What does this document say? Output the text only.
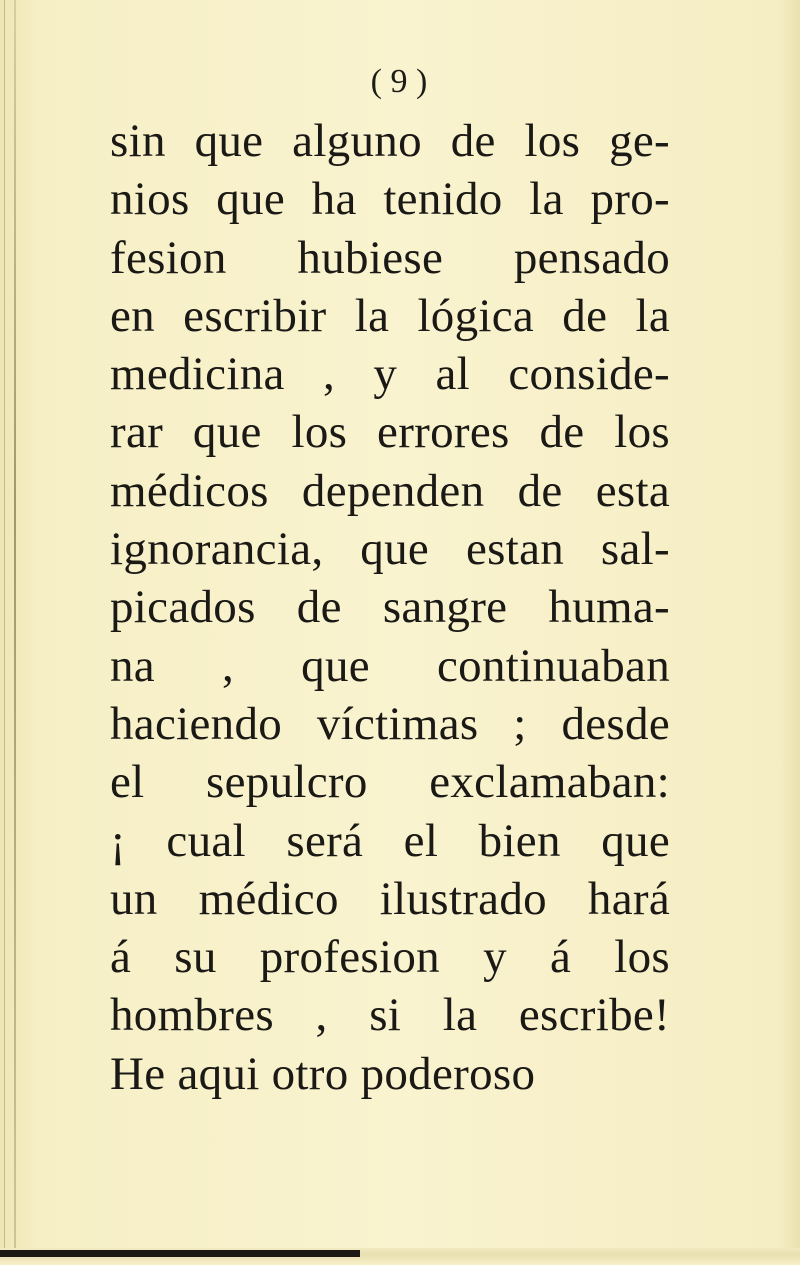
( 9 )
sin que alguno de los ge-
nios que ha tenido la pro-
fesion hubiese pensado
en escribir la lógica de la
medicina , y al conside-
rar que los errores de los
médicos dependen de esta
ignorancia, que estan sal-
picados de sangre huma-
na , que continuaban
haciendo víctimas ; desde
el sepulcro exclamaban:
¡ cual será el bien que
un médico ilustrado hará
á su profesion y á los
hombres , si la escribe!
He aqui otro poderoso
